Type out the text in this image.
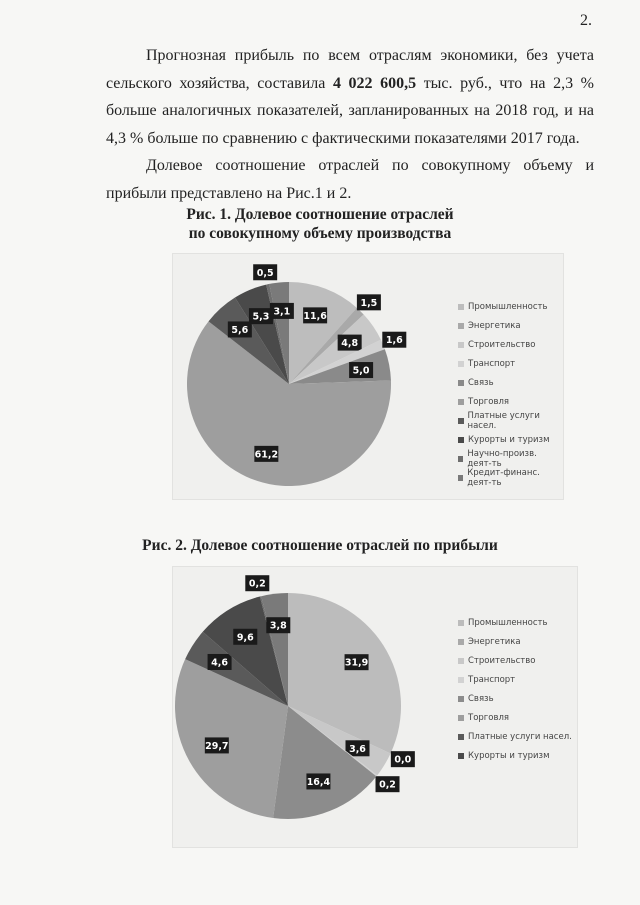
2.
Прогнозная прибыль по всем отраслям экономики, без учета сельского хозяйства, составила 4 022 600,5 тыс. руб., что на 2,3 % больше аналогичных показателей, запланированных на 2018 год, и на 4,3 % больше по сравнению с фактическими показателями 2017 года.
Долевое соотношение отраслей по совокупному объему и прибыли представлено на Рис.1 и 2.
Рис. 1. Долевое соотношение отраслей
по совокупному объему производства
11,6
1,5
4,8	1,6
5,0
61,2
5,6
5,3
0,5
3,1	Промышленность
Энергетика
Строительство
Транспорт
Связь
Торговля
Платные услуги насел.
Курорты и туризм
Научно-произв. деят-ть
Кредит-финанс. деят-ть
Рис. 2. Долевое соотношение отраслей по прибыли
31,9
0,0
3,6
0,2
16,4
29,7
4,6
9,6
0,2
3,8	Промышленность
Энергетика
Строительство
Транспорт
Связь
Торговля
Платные услуги насел.
Курорты и туризм
